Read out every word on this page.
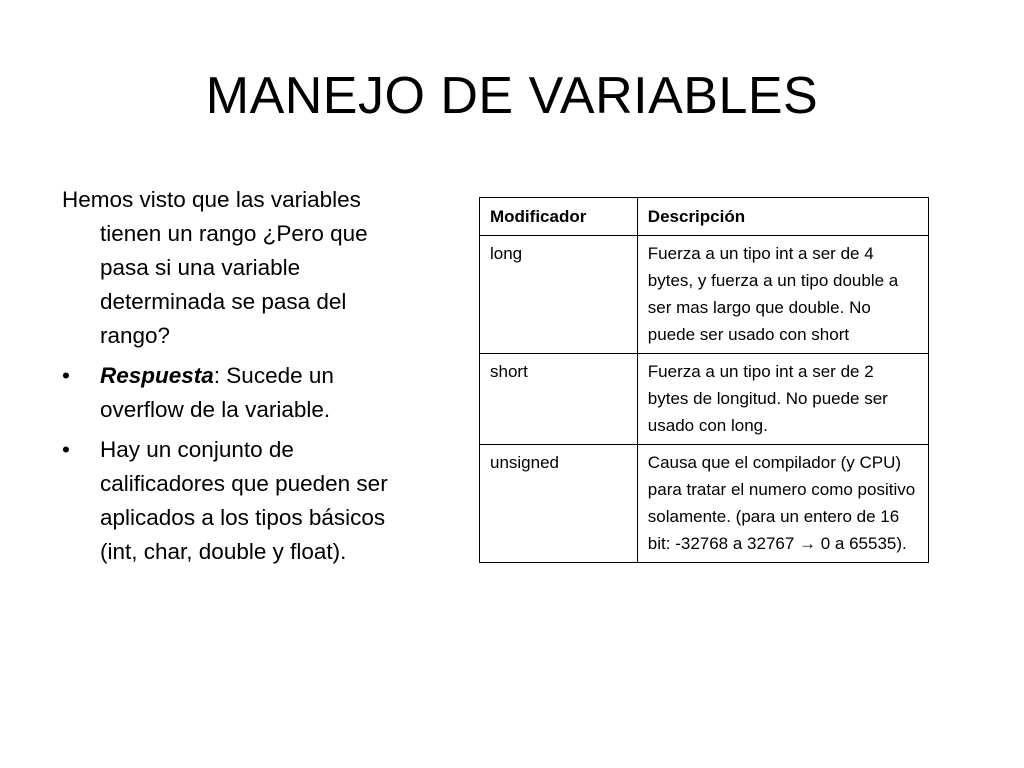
MANEJO DE VARIABLES

Hemos visto que las variables tienen un rango ¿Pero que pasa si una variable determinada se pasa del rango?

•	Respuesta: Sucede un overflow de la variable.
•	Hay un conjunto de calificadores que pueden ser aplicados a los tipos básicos (int, char, double y float).
Modificador	Descripción
long	Fuerza a un tipo int a ser de 4 bytes, y fuerza a un tipo double a ser mas largo que double. No puede ser usado con short
short	Fuerza a un tipo int a ser de 2 bytes de longitud. No puede ser usado con long.
unsigned	Causa que el compilador (y CPU) para tratar el numero como positivo solamente. (para un entero de 16 bit: -32768 a 32767 → 0 a 65535).
